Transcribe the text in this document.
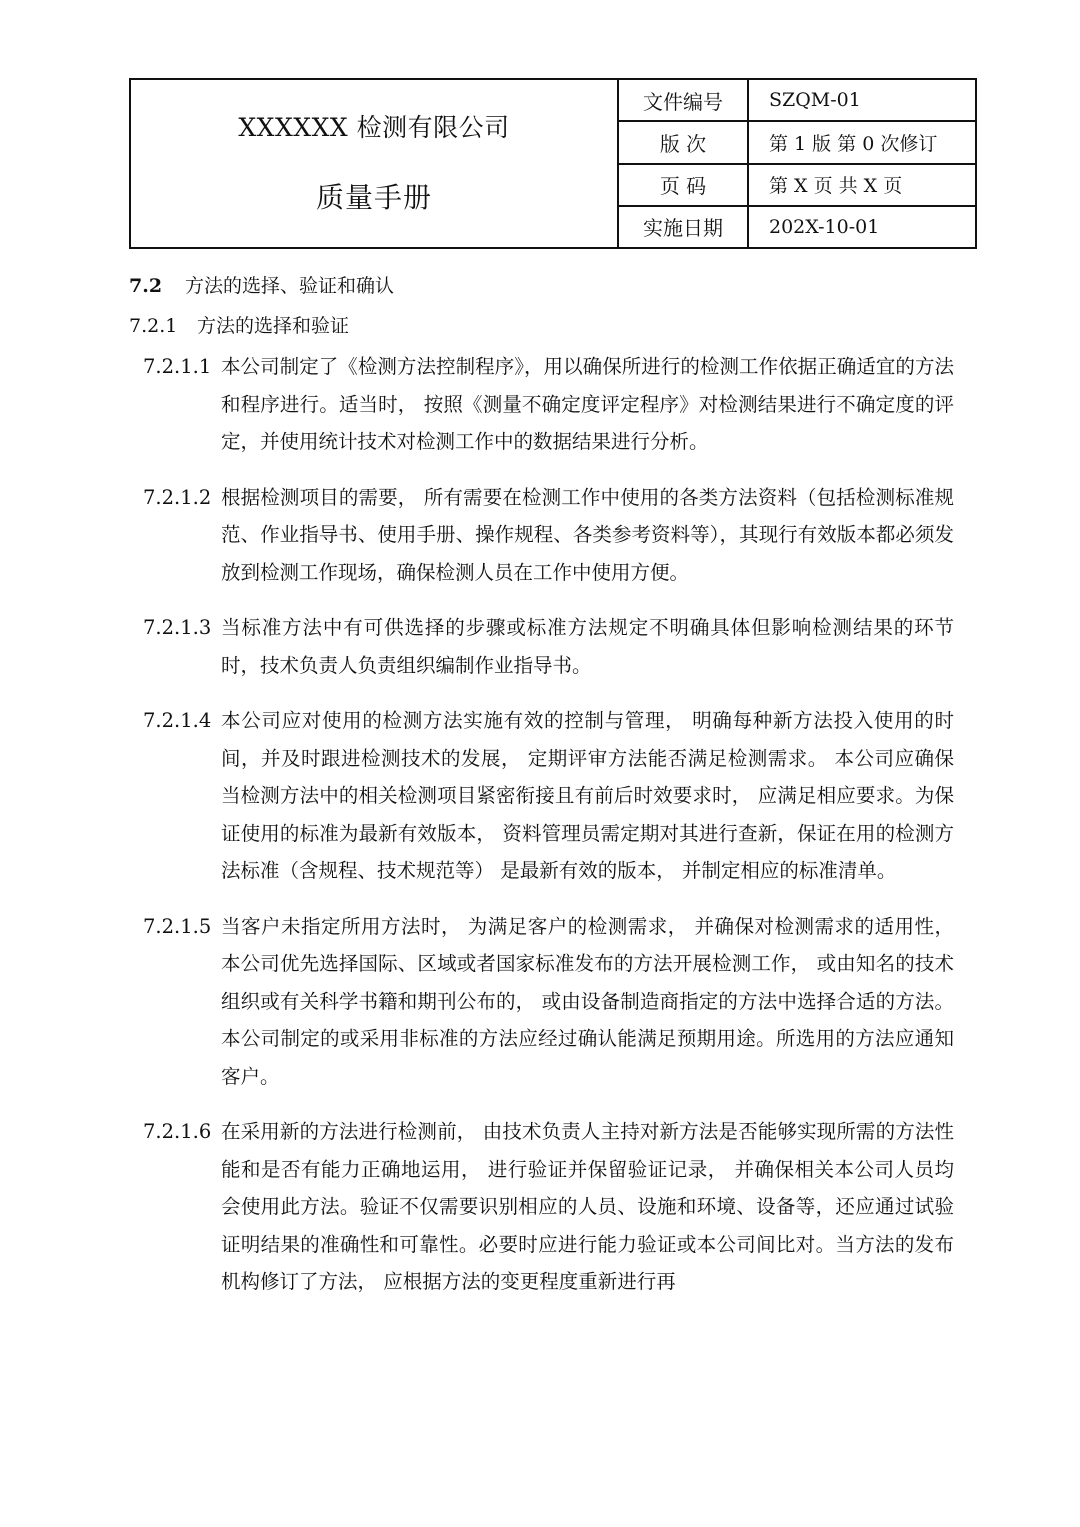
XXXXXX 检测有限公司
质量手册
文件编号	SZQM-01
版 次	第 1 版 第 0 次修订
页 码	第 X 页 共 X 页
实施日期	202X-10-01
7.2	方法的选择、验证和确认
7.2.1	方法的选择和验证
7.2.1.1 本公司制定了《检测方法控制程序》，用以确保所进行的检测工作依据正确适宜的方法和程序进行。适当时， 按照《测量不确定度评定程序》对检测结果进行不确定度的评定，并使用统计技术对检测工作中的数据结果进行分析。
7.2.1.2 根据检测项目的需要， 所有需要在检测工作中使用的各类方法资料（包括检测标准规范、作业指导书、使用手册、操作规程、各类参考资料等），其现行有效版本都必须发放到检测工作现场，确保检测人员在工作中使用方便。
7.2.1.3 当标准方法中有可供选择的步骤或标准方法规定不明确具体但影响检测结果的环节时，技术负责人负责组织编制作业指导书。
7.2.1.4 本公司应对使用的检测方法实施有效的控制与管理， 明确每种新方法投入使用的时间，并及时跟进检测技术的发展， 定期评审方法能否满足检测需求。 本公司应确保当检测方法中的相关检测项目紧密衔接且有前后时效要求时， 应满足相应要求。为保证使用的标准为最新有效版本， 资料管理员需定期对其进行查新，保证在用的检测方法标准（含规程、技术规范等） 是最新有效的版本， 并制定相应的标准清单。
7.2.1.5 当客户未指定所用方法时， 为满足客户的检测需求， 并确保对检测需求的适用性，本公司优先选择国际、区域或者国家标准发布的方法开展检测工作， 或由知名的技术组织或有关科学书籍和期刊公布的， 或由设备制造商指定的方法中选择合适的方法。本公司制定的或采用非标准的方法应经过确认能满足预期用途。所选用的方法应通知客户。
7.2.1.6 在采用新的方法进行检测前， 由技术负责人主持对新方法是否能够实现所需的方法性能和是否有能力正确地运用， 进行验证并保留验证记录， 并确保相关本公司人员均会使用此方法。验证不仅需要识别相应的人员、设施和环境、设备等，还应通过试验证明结果的准确性和可靠性。必要时应进行能力验证或本公司间比对。当方法的发布机构修订了方法， 应根据方法的变更程度重新进行再
